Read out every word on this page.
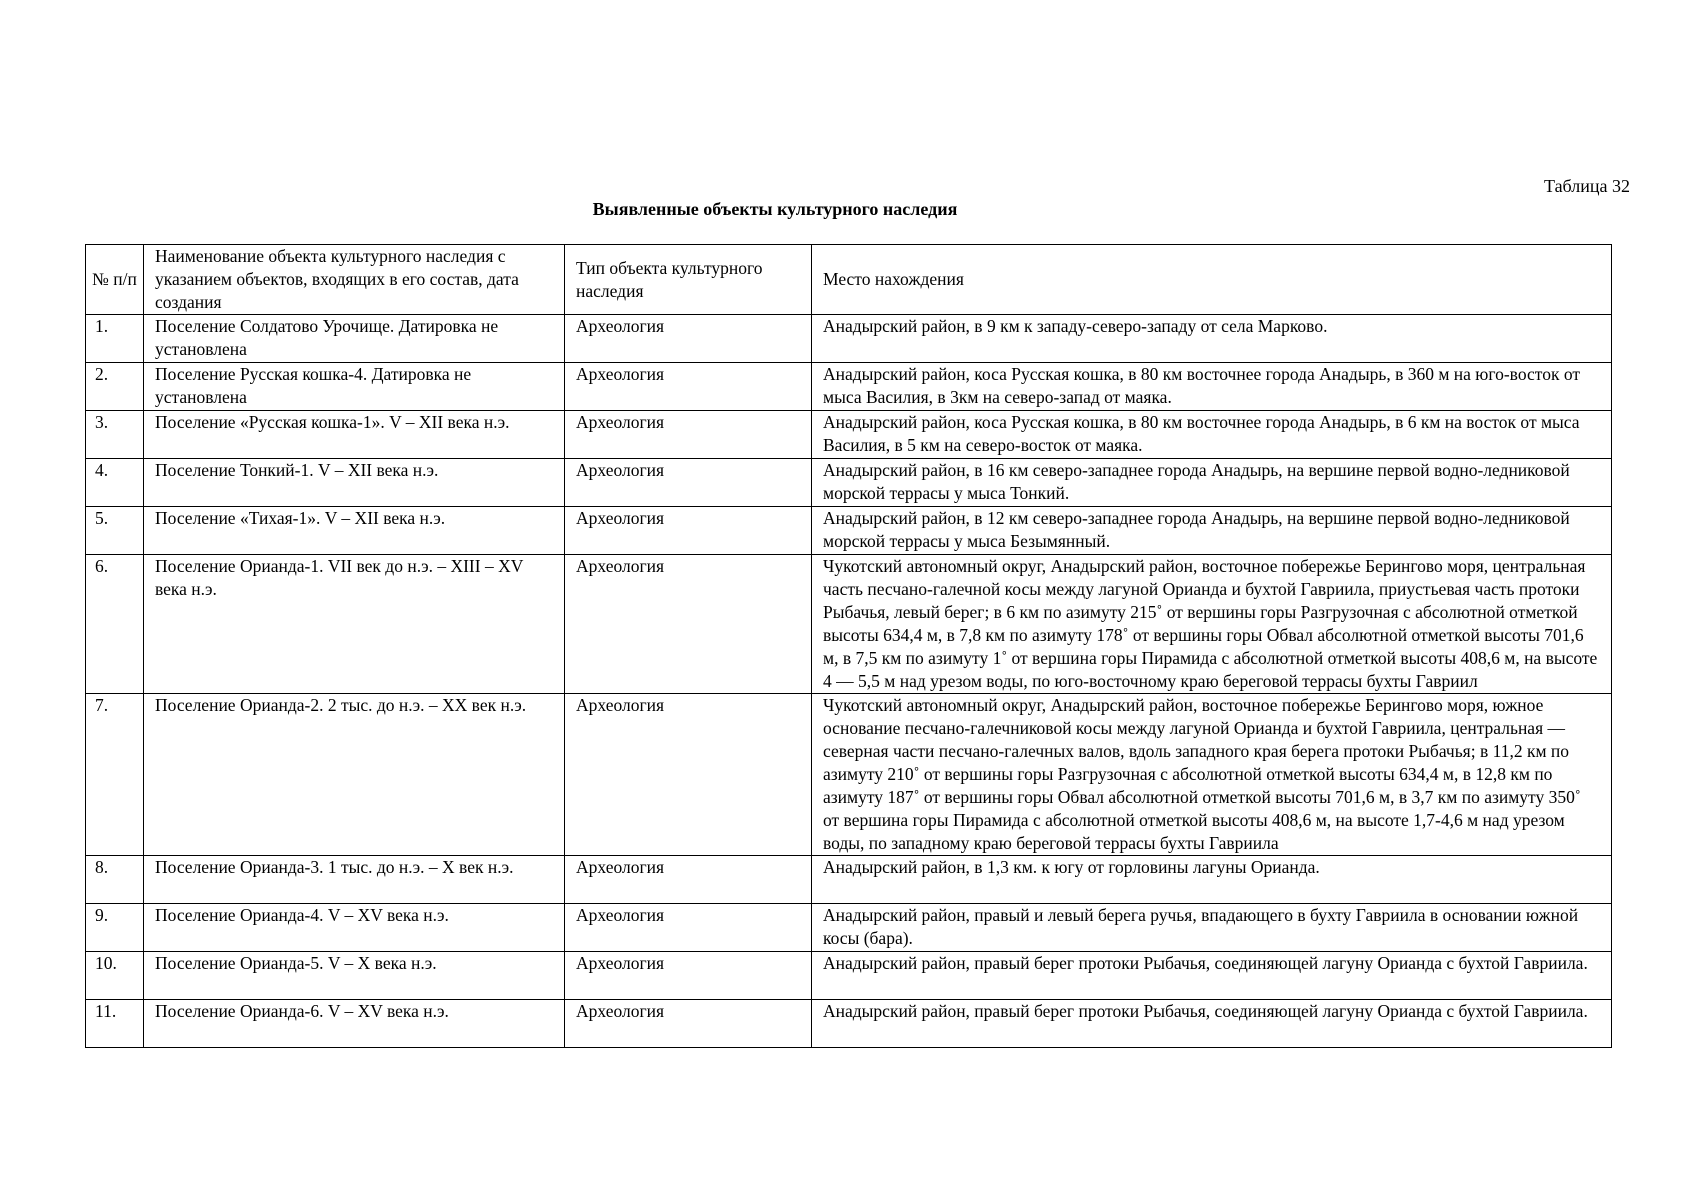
Таблица 32
Выявленные объекты культурного наследия
№ п/п	Наименование объекта культурного наследия с указанием объектов, входящих в его состав, дата создания	Тип объекта культурного наследия	Место нахождения
1.	Поселение Солдатово Урочище. Датировка не установлена	Археология	Анадырский район, в 9 км к западу-северо-западу от села Марково.
2.	Поселение Русская кошка-4. Датировка не установлена	Археология	Анадырский район, коса Русская кошка, в 80 км восточнее города Анадырь, в 360 м на юго-восток от мыса Василия, в 3км на северо-запад от маяка.
3.	Поселение «Русская кошка-1». V – XII века н.э.	Археология	Анадырский район, коса Русская кошка, в 80 км восточнее города Анадырь, в 6 км на восток от мыса Василия, в 5 км на северо-восток от маяка.
4.	Поселение Тонкий-1. V – XII века н.э.	Археология	Анадырский район, в 16 км северо-западнее города Анадырь, на вершине первой водно-ледниковой морской террасы у мыса Тонкий.
5.	Поселение «Тихая-1». V – XII века н.э.	Археология	Анадырский район, в 12 км северо-западнее города Анадырь, на вершине первой водно-ледниковой морской террасы у мыса Безымянный.
6.	Поселение Орианда-1. VII век до н.э. – XIII – XV века н.э.	Археология	Чукотский автономный округ, Анадырский район, восточное побережье Берингово моря, центральная часть песчано-галечной косы между лагуной Орианда и бухтой Гавриила, приустьевая часть протоки Рыбачья, левый берег; в 6 км по азимуту 215˚ от вершины горы Разгрузочная с абсолютной отметкой высоты 634,4 м, в 7,8 км по азимуту 178˚ от вершины горы Обвал абсолютной отметкой высоты 701,6 м, в 7,5 км по азимуту 1˚ от вершина горы Пирамида с абсолютной отметкой высоты 408,6 м, на высоте 4 — 5,5 м над урезом воды, по юго-восточному краю береговой террасы бухты Гавриил
7.	Поселение Орианда-2. 2 тыс. до н.э. – XX век н.э.	Археология	Чукотский автономный округ, Анадырский район, восточное побережье Берингово моря, южное основание песчано-галечниковой косы между лагуной Орианда и бухтой Гавриила, центральная — северная части песчано-галечных валов, вдоль западного края берега протоки Рыбачья; в 11,2 км по азимуту 210˚ от вершины горы Разгрузочная с абсолютной отметкой высоты 634,4 м, в 12,8 км по азимуту 187˚ от вершины горы Обвал абсолютной отметкой высоты 701,6 м, в 3,7 км по азимуту 350˚ от вершина горы Пирамида с абсолютной отметкой высоты 408,6 м, на высоте 1,7-4,6 м над урезом воды, по западному краю береговой террасы бухты Гавриила
8.	Поселение Орианда-3. 1 тыс. до н.э. – X век н.э.	Археология	Анадырский район, в 1,3 км. к югу от горловины лагуны Орианда.
9.	Поселение Орианда-4. V – XV века н.э.	Археология	Анадырский район, правый и левый берега ручья, впадающего в бухту Гавриила в основании южной косы (бара).
10.	Поселение Орианда-5. V – X века н.э.	Археология	Анадырский район, правый берег протоки Рыбачья, соединяющей лагуну Орианда с бухтой Гавриила.
11.	Поселение Орианда-6. V – XV века н.э.	Археология	Анадырский район, правый берег протоки Рыбачья, соединяющей лагуну Орианда с бухтой Гавриила.
